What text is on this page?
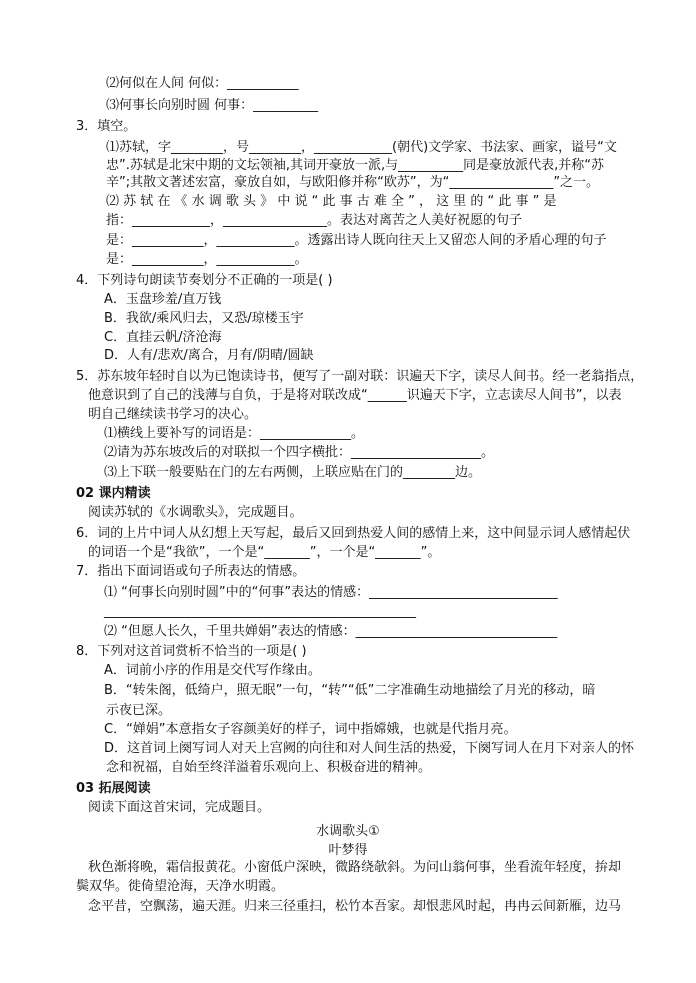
⑵何似在人间 何似：___________
⑶何事长向别时圆 何事：__________
3．填空。
⑴苏轼，字________，号________，____________(朝代)文学家、书法家、画家，谥号“文
忠”.苏轼是北宋中期的文坛领袖,其词开豪放一派,与__________同是豪放派代表,并称“苏
辛”;其散文著述宏富，豪放自如，与欧阳修并称“欧苏”，为“________________”之一。
⑵ 苏 轼 在 《 水 调 歌 头 》 中 说 “ 此 事 古 难 全 ” ， 这 里 的 “ 此 事 ” 是
指：____________，________________。表达对离苦之人美好祝愿的句子
是：___________，____________。透露出诗人既向往天上又留恋人间的矛盾心理的句子
是：___________，____________。
4．下列诗句朗读节奏划分不正确的一项是( )
A．玉盘珍羞/直万钱
B．我欲/乘风归去，又恐/琼楼玉宇
C．直挂云帆/济沧海
D．人有/悲欢/离合，月有/阴晴/圆缺
5．苏东坡年轻时自以为已饱读诗书，便写了一副对联：识遍天下字，读尽人间书。经一老翁指点，
他意识到了自己的浅薄与自负，于是将对联改成“______识遍天下字，立志读尽人间书”，以表
明自己继续读书学习的决心。
⑴横线上要补写的词语是：______________。
⑵请为苏东坡改后的对联拟一个四字横批：____________________。
⑶上下联一般要贴在门的左右两侧，上联应贴在门的________边。
02 课内精读
阅读苏轼的《水调歌头》，完成题目。
6．词的上片中词人从幻想上天写起，最后又回到热爱人间的感情上来，这中间显示词人感情起伏
的词语一个是“我欲”，一个是“_______”，一个是“_______”。
7．指出下面词语或句子所表达的情感。
⑴ “何事长向别时圆”中的“何事”表达的情感：_____________________________
________________________________________________
⑵ “但愿人长久，千里共婵娟”表达的情感：_______________________________
8．下列对这首词赏析不恰当的一项是( )
A．词前小序的作用是交代写作缘由。
B．“转朱阁，低绮户，照无眠”一句，“转”“低”二字准确生动地描绘了月光的移动，暗
示夜已深。
C．“婵娟”本意指女子容颜美好的样子，词中指嫦娥，也就是代指月亮。
D．这首词上阕写词人对天上宫阙的向往和对人间生活的热爱，下阕写词人在月下对亲人的怀
念和祝福，自始至终洋溢着乐观向上、积极奋进的精神。
03 拓展阅读
阅读下面这首宋词，完成题目。
水调歌头①
叶梦得
秋色渐将晚，霜信报黄花。小窗低户深映，微路绕欹斜。为问山翁何事，坐看流年轻度，拚却
鬓双华。徙倚望沧海，天净水明霞。
念平昔，空飘荡，遍天涯。归来三径重扫，松竹本吾家。却恨悲风时起，冉冉云间新雁，边马
